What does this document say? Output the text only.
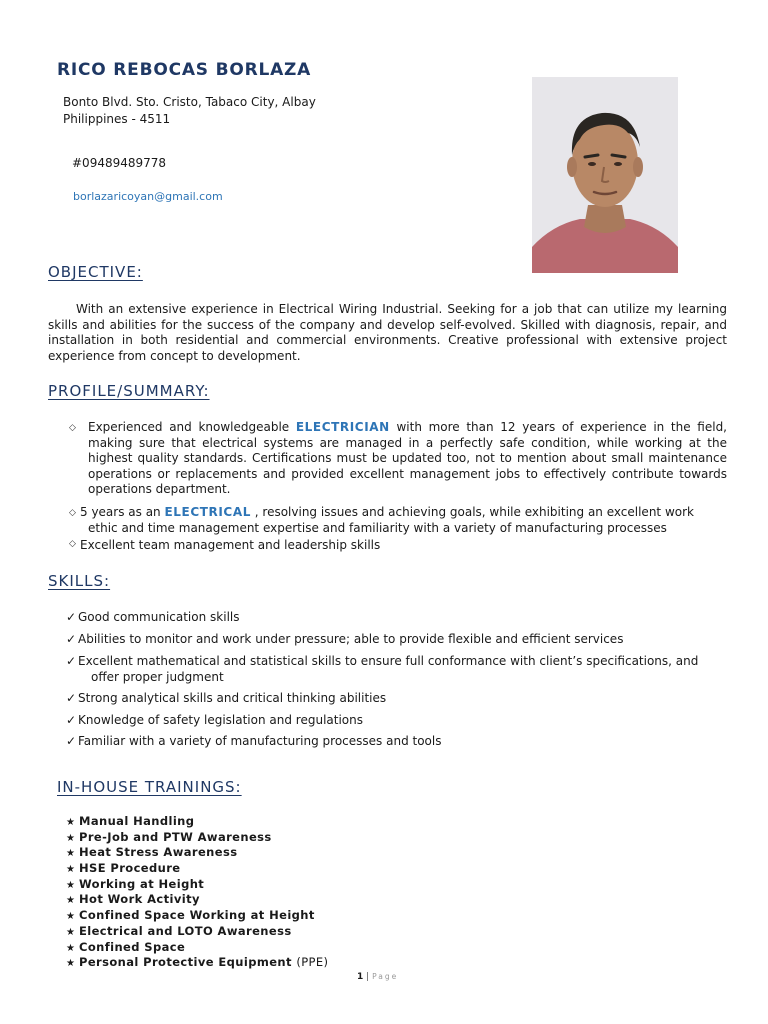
RICO REBOCAS BORLAZA
Bonto Blvd. Sto. Cristo, Tabaco City, Albay
Philippines - 4511
#09489489778
borlazaricoyan@gmail.com
OBJECTIVE:

With an extensive experience in Electrical Wiring Industrial. Seeking for a job that can utilize my learning skills and abilities for the success of the company and develop self-evolved. Skilled with diagnosis, repair, and installation in both residential and commercial environments. Creative professional with extensive project experience from concept to development.

PROFILE/SUMMARY:
◇ Experienced and knowledgeable ELECTRICIAN with more than 12 years of experience in the field, making sure that electrical systems are managed in a perfectly safe condition, while working at the highest quality standards. Certifications must be updated too, not to mention about small maintenance operations or replacements and provided excellent management jobs to effectively contribute towards operations department.
◇ 5 years as an ELECTRICAL , resolving issues and achieving goals, while exhibiting an excellent work
ethic and time management expertise and familiarity with a variety of manufacturing processes
◇ Excellent team management and leadership skills
SKILLS:
✓ Good communication skills
✓ Abilities to monitor and work under pressure; able to provide flexible and efficient services
✓ Excellent mathematical and statistical skills to ensure full conformance with client’s specifications, and
offer proper judgment
✓ Strong analytical skills and critical thinking abilities
✓ Knowledge of safety legislation and regulations
✓ Familiar with a variety of manufacturing processes and tools
IN-HOUSE TRAININGS:
★ Manual Handling
★ Pre-Job and PTW Awareness
★ Heat Stress Awareness
★ HSE Procedure
★ Working at Height
★ Hot Work Activity
★ Confined Space Working at Height
★ Electrical and LOTO Awareness
★ Confined Space
★ Personal Protective Equipment (PPE)
1 | Page
